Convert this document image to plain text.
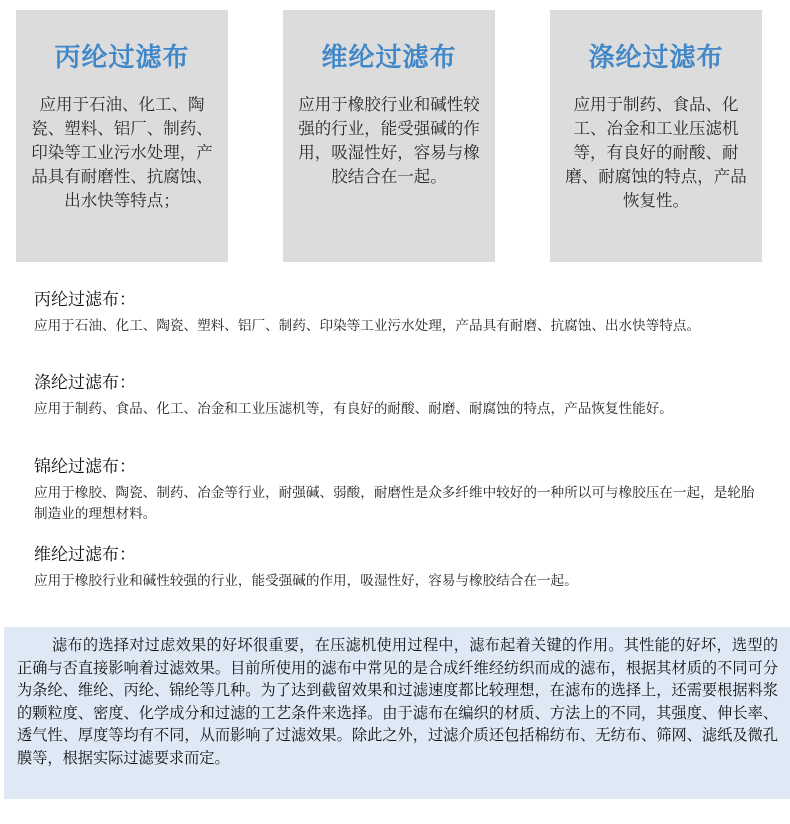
丙纶过滤布
应用于石油、化工、陶瓷、塑料、铝厂、制药、印染等工业污水处理，产品具有耐磨性、抗腐蚀、出水快等特点；
维纶过滤布
应用于橡胶行业和碱性较强的行业，能受强碱的作用，吸湿性好，容易与橡胶结合在一起。
涤纶过滤布
应用于制药、食品、化工、冶金和工业压滤机等，有良好的耐酸、耐磨、耐腐蚀的特点，产品恢复性。

丙纶过滤布：

应用于石油、化工、陶瓷、塑料、铝厂、制药、印染等工业污水处理，产品具有耐磨、抗腐蚀、出水快等特点。

涤纶过滤布：

应用于制药、食品、化工、冶金和工业压滤机等，有良好的耐酸、耐磨、耐腐蚀的特点，产品恢复性能好。

锦纶过滤布：

应用于橡胶、陶瓷、制药、冶金等行业，耐强碱、弱酸，耐磨性是众多纤维中较好的一种所以可与橡胶压在一起，是轮胎制造业的理想材料。

维纶过滤布：

应用于橡胶行业和碱性较强的行业，能受强碱的作用，吸湿性好，容易与橡胶结合在一起。

滤布的选择对过虑效果的好坏很重要，在压滤机使用过程中，滤布起着关键的作用。其性能的好坏，选型的正确与否直接影响着过滤效果。目前所使用的滤布中常见的是合成纤维经纺织而成的滤布，根据其材质的不同可分为条纶、维纶、丙纶、锦纶等几种。为了达到截留效果和过滤速度都比较理想，在滤布的选择上，还需要根据料浆的颗粒度、密度、化学成分和过滤的工艺条件来选择。由于滤布在编织的材质、方法上的不同，其强度、伸长率、透气性、厚度等均有不同，从而影响了过滤效果。除此之外，过滤介质还包括棉纺布、无纺布、筛网、滤纸及微孔膜等，根据实际过滤要求而定。
